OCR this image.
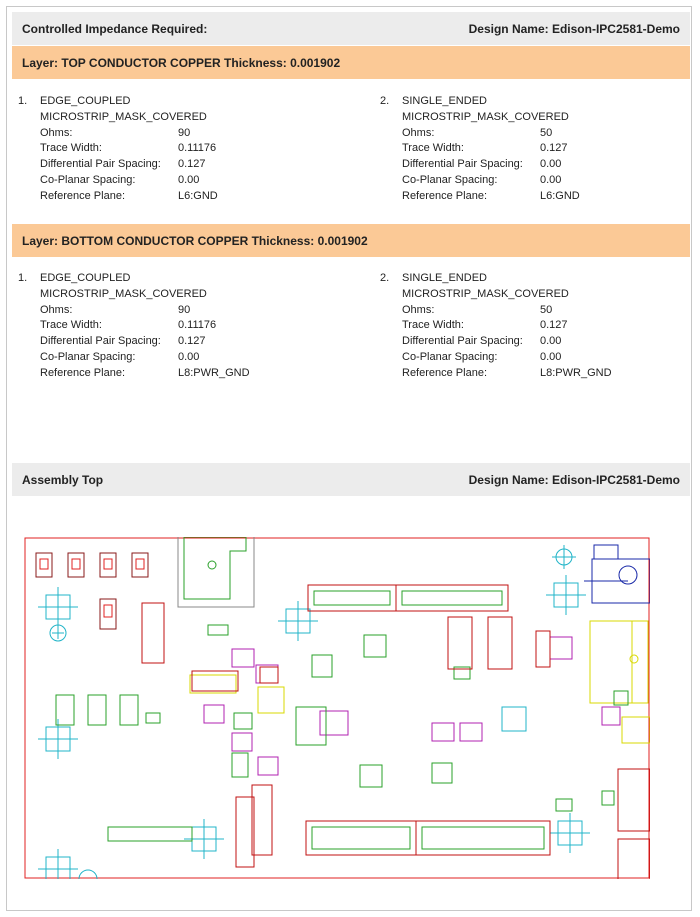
Controlled Impedance Required:	Design Name: Edison-IPC2581-Demo
Layer: TOP CONDUCTOR COPPER Thickness: 0.001902
1.	EDGE_COUPLED
MICROSTRIP_MASK_COVERED
Ohms:	90
Trace Width:	0.11176
Differential Pair Spacing:	0.127
Co-Planar Spacing:	0.00
Reference Plane:	L6:GND
2.	SINGLE_ENDED
MICROSTRIP_MASK_COVERED
Ohms:	50
Trace Width:	0.127
Differential Pair Spacing:	0.00
Co-Planar Spacing:	0.00
Reference Plane:	L6:GND
Layer: BOTTOM CONDUCTOR COPPER Thickness: 0.001902
1.	EDGE_COUPLED
MICROSTRIP_MASK_COVERED
Ohms:	90
Trace Width:	0.11176
Differential Pair Spacing:	0.127
Co-Planar Spacing:	0.00
Reference Plane:	L8:PWR_GND
2.	SINGLE_ENDED
MICROSTRIP_MASK_COVERED
Ohms:	50
Trace Width:	0.127
Differential Pair Spacing:	0.00
Co-Planar Spacing:	0.00
Reference Plane:	L8:PWR_GND
Assembly Top	Design Name: Edison-IPC2581-Demo
